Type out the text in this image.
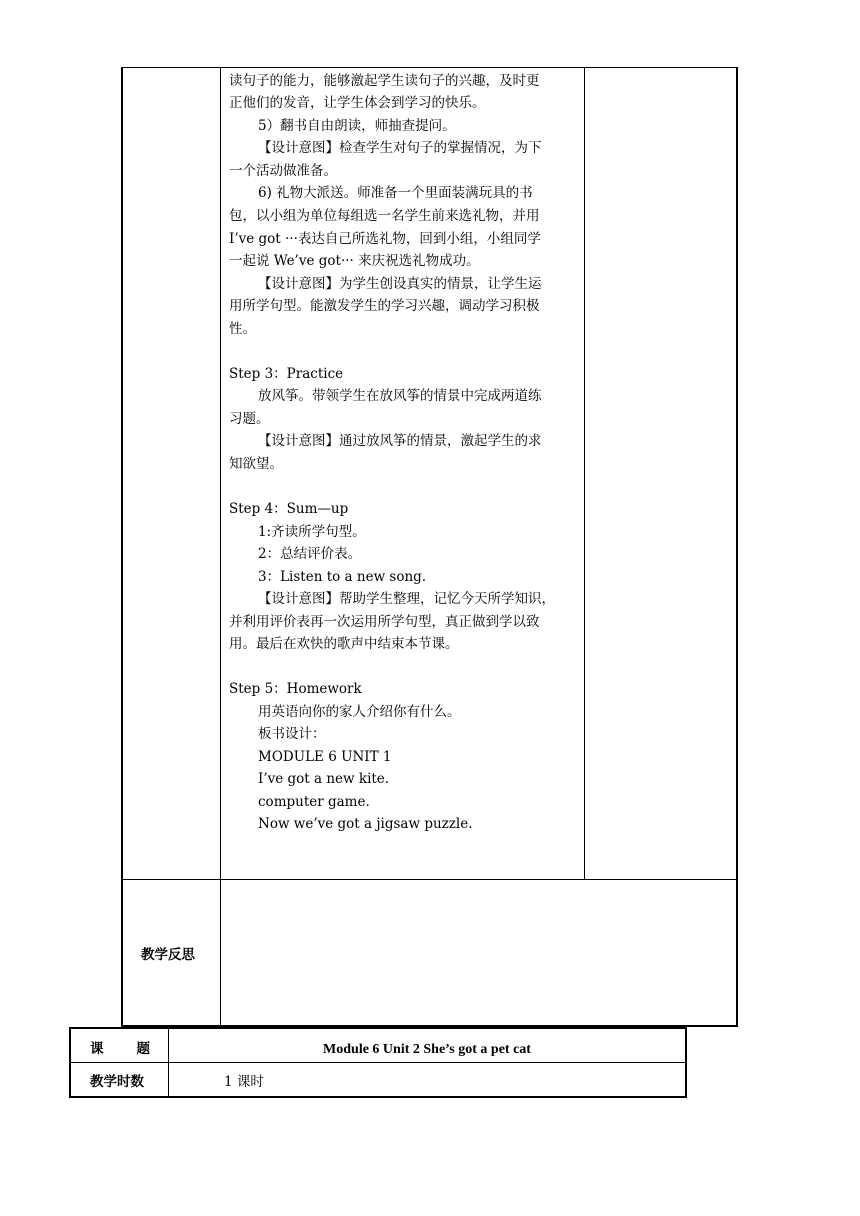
读句子的能力，能够激起学生读句子的兴趣，及时更
正他们的发音，让学生体会到学习的快乐。
5）翻书自由朗读，师抽查提问。
【设计意图】检查学生对句子的掌握情况，为下
一个活动做准备。
6) 礼物大派送。师准备一个里面装满玩具的书
包，以小组为单位每组选一名学生前来选礼物，并用
I’ve got ···表达自己所选礼物，回到小组，小组同学
一起说 We’ve got··· 来庆祝选礼物成功。
【设计意图】为学生创设真实的情景，让学生运
用所学句型。能激发学生的学习兴趣，调动学习积极
性。
Step 3：Practice
放风筝。带领学生在放风筝的情景中完成两道练
习题。
【设计意图】通过放风筝的情景，激起学生的求
知欲望。
Step 4：Sum—up
1:齐读所学句型。
2：总结评价表。
3：Listen to a new song.
【设计意图】帮助学生整理，记忆今天所学知识，
并利用评价表再一次运用所学句型，真正做到学以致
用。最后在欢快的歌声中结束本节课。
Step 5：Homework
用英语向你的家人介绍你有什么。
板书设计：
MODULE 6 UNIT 1
I’ve got a new kite.
computer game.
Now we’ve got a jigsaw puzzle.
教学反思
课　　题	Module 6 Unit 2 She’s got a pet cat
教学时数	1 课时
